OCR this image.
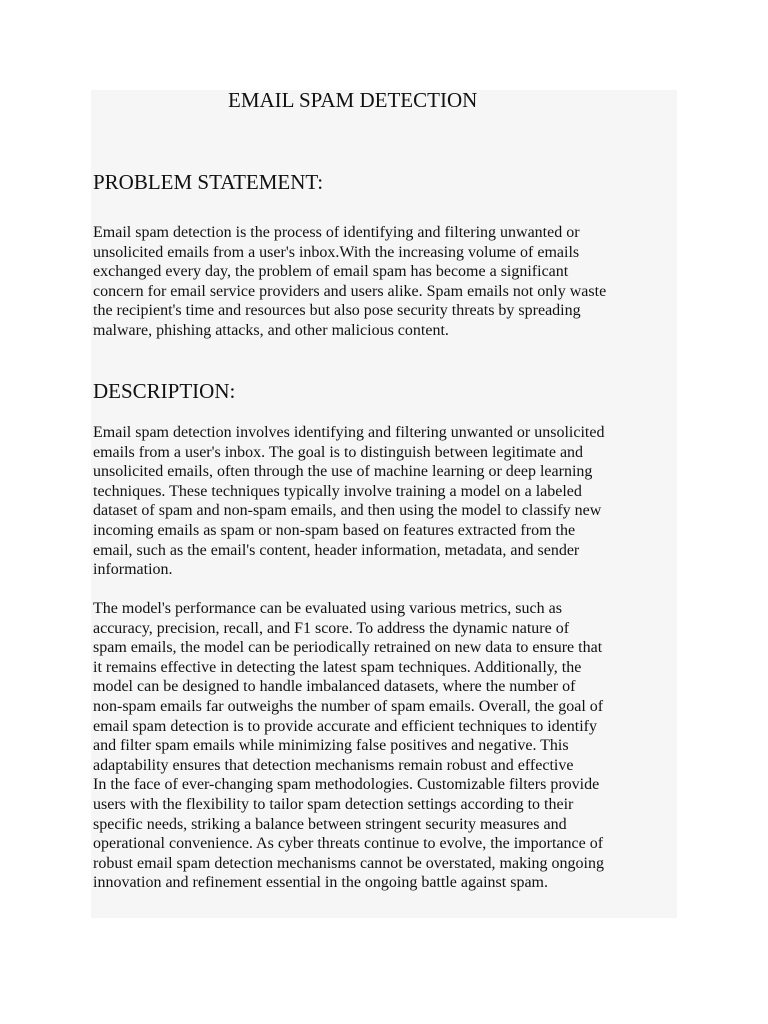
EMAIL SPAM DETECTION
PROBLEM STATEMENT:

Email spam detection is the process of identifying and filtering unwanted or
unsolicited emails from a user's inbox.With the increasing volume of emails
exchanged every day, the problem of email spam has become a significant
concern for email service providers and users alike. Spam emails not only waste
the recipient's time and resources but also pose security threats by spreading
malware, phishing attacks, and other malicious content.

DESCRIPTION:

Email spam detection involves identifying and filtering unwanted or unsolicited
emails from a user's inbox. The goal is to distinguish between legitimate and
unsolicited emails, often through the use of machine learning or deep learning
techniques. These techniques typically involve training a model on a labeled
dataset of spam and non-spam emails, and then using the model to classify new
incoming emails as spam or non-spam based on features extracted from the
email, such as the email's content, header information, metadata, and sender
information.

The model's performance can be evaluated using various metrics, such as
accuracy, precision, recall, and F1 score. To address the dynamic nature of
spam emails, the model can be periodically retrained on new data to ensure that
it remains effective in detecting the latest spam techniques. Additionally, the
model can be designed to handle imbalanced datasets, where the number of
non-spam emails far outweighs the number of spam emails. Overall, the goal of
email spam detection is to provide accurate and efficient techniques to identify
and filter spam emails while minimizing false positives and negative. This
adaptability ensures that detection mechanisms remain robust and effective
In the face of ever-changing spam methodologies. Customizable filters provide
users with the flexibility to tailor spam detection settings according to their
specific needs, striking a balance between stringent security measures and
operational convenience. As cyber threats continue to evolve, the importance of
robust email spam detection mechanisms cannot be overstated, making ongoing
innovation and refinement essential in the ongoing battle against spam.
